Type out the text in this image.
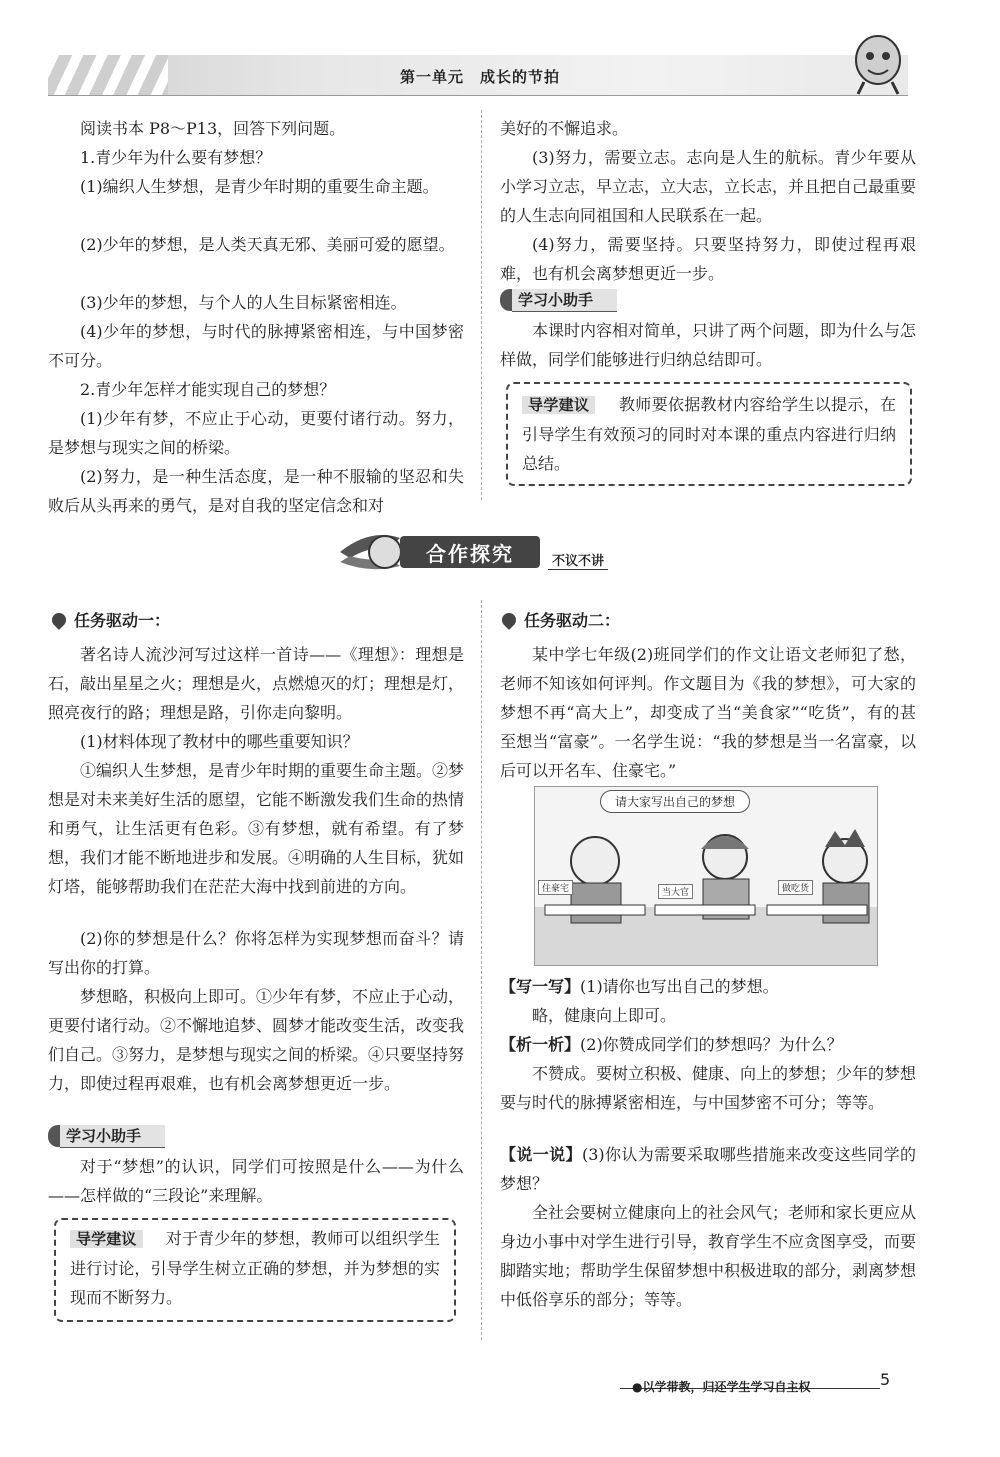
第一单元　成长的节拍

阅读书本 P8～P13，回答下列问题。

1.青少年为什么要有梦想？

(1)编织人生梦想，是青少年时期的重要生命主题。

(2)少年的梦想，是人类天真无邪、美丽可爱的愿望。

(3)少年的梦想，与个人的人生目标紧密相连。

(4)少年的梦想，与时代的脉搏紧密相连，与中国梦密不可分。

2.青少年怎样才能实现自己的梦想？

(1)少年有梦，不应止于心动，更要付诸行动。努力，是梦想与现实之间的桥梁。

(2)努力，是一种生活态度，是一种不服输的坚忍和失败后从头再来的勇气，是对自我的坚定信念和对

美好的不懈追求。

(3)努力，需要立志。志向是人生的航标。青少年要从小学习立志，早立志，立大志，立长志，并且把自己最重要的人生志向同祖国和人民联系在一起。

(4)努力，需要坚持。只要坚持努力，即使过程再艰难，也有机会离梦想更近一步。

学习小助手

本课时内容相对简单，只讲了两个问题，即为什么与怎样做，同学们能够进行归纳总结即可。

导学建议 教师要依据教材内容给学生以提示，在引导学生有效预习的同时对本课的重点内容进行归纳总结。

合作探究	不议不讲
任务驱动一：

著名诗人流沙河写过这样一首诗——《理想》：理想是石，敲出星星之火；理想是火，点燃熄灭的灯；理想是灯，照亮夜行的路；理想是路，引你走向黎明。

(1)材料体现了教材中的哪些重要知识？

①编织人生梦想，是青少年时期的重要生命主题。②梦想是对未来美好生活的愿望，它能不断激发我们生命的热情和勇气，让生活更有色彩。③有梦想，就有希望。有了梦想，我们才能不断地进步和发展。④明确的人生目标，犹如灯塔，能够帮助我们在茫茫大海中找到前进的方向。

(2)你的梦想是什么？你将怎样为实现梦想而奋斗？请写出你的打算。

梦想略，积极向上即可。①少年有梦，不应止于心动，更要付诸行动。②不懈地追梦、圆梦才能改变生活，改变我们自己。③努力，是梦想与现实之间的桥梁。④只要坚持努力，即使过程再艰难，也有机会离梦想更近一步。

学习小助手

对于“梦想”的认识，同学们可按照是什么——为什么——怎样做的“三段论”来理解。

导学建议 对于青少年的梦想，教师可以组织学生进行讨论，引导学生树立正确的梦想，并为梦想的实现而不断努力。

任务驱动二：

某中学七年级(2)班同学们的作文让语文老师犯了愁，老师不知该如何评判。作文题目为《我的梦想》，可大家的梦想不再“高大上”，却变成了当“美食家”“吃货”，有的甚至想当“富豪”。一名学生说：“我的梦想是当一名富豪，以后可以开名车、住豪宅。”

请大家写出自己的梦想
住豪宅	当大官	做吃货

【写一写】(1)请你也写出自己的梦想。

略，健康向上即可。

【析一析】(2)你赞成同学们的梦想吗？为什么？

不赞成。要树立积极、健康、向上的梦想；少年的梦想要与时代的脉搏紧密相连，与中国梦密不可分；等等。

【说一说】(3)你认为需要采取哪些措施来改变这些同学的梦想？

全社会要树立健康向上的社会风气；老师和家长更应从身边小事中对学生进行引导，教育学生不应贪图享受，而要脚踏实地；帮助学生保留梦想中积极进取的部分，剥离梦想中低俗享乐的部分；等等。

●以学带教，归还学生学习自主权	5
